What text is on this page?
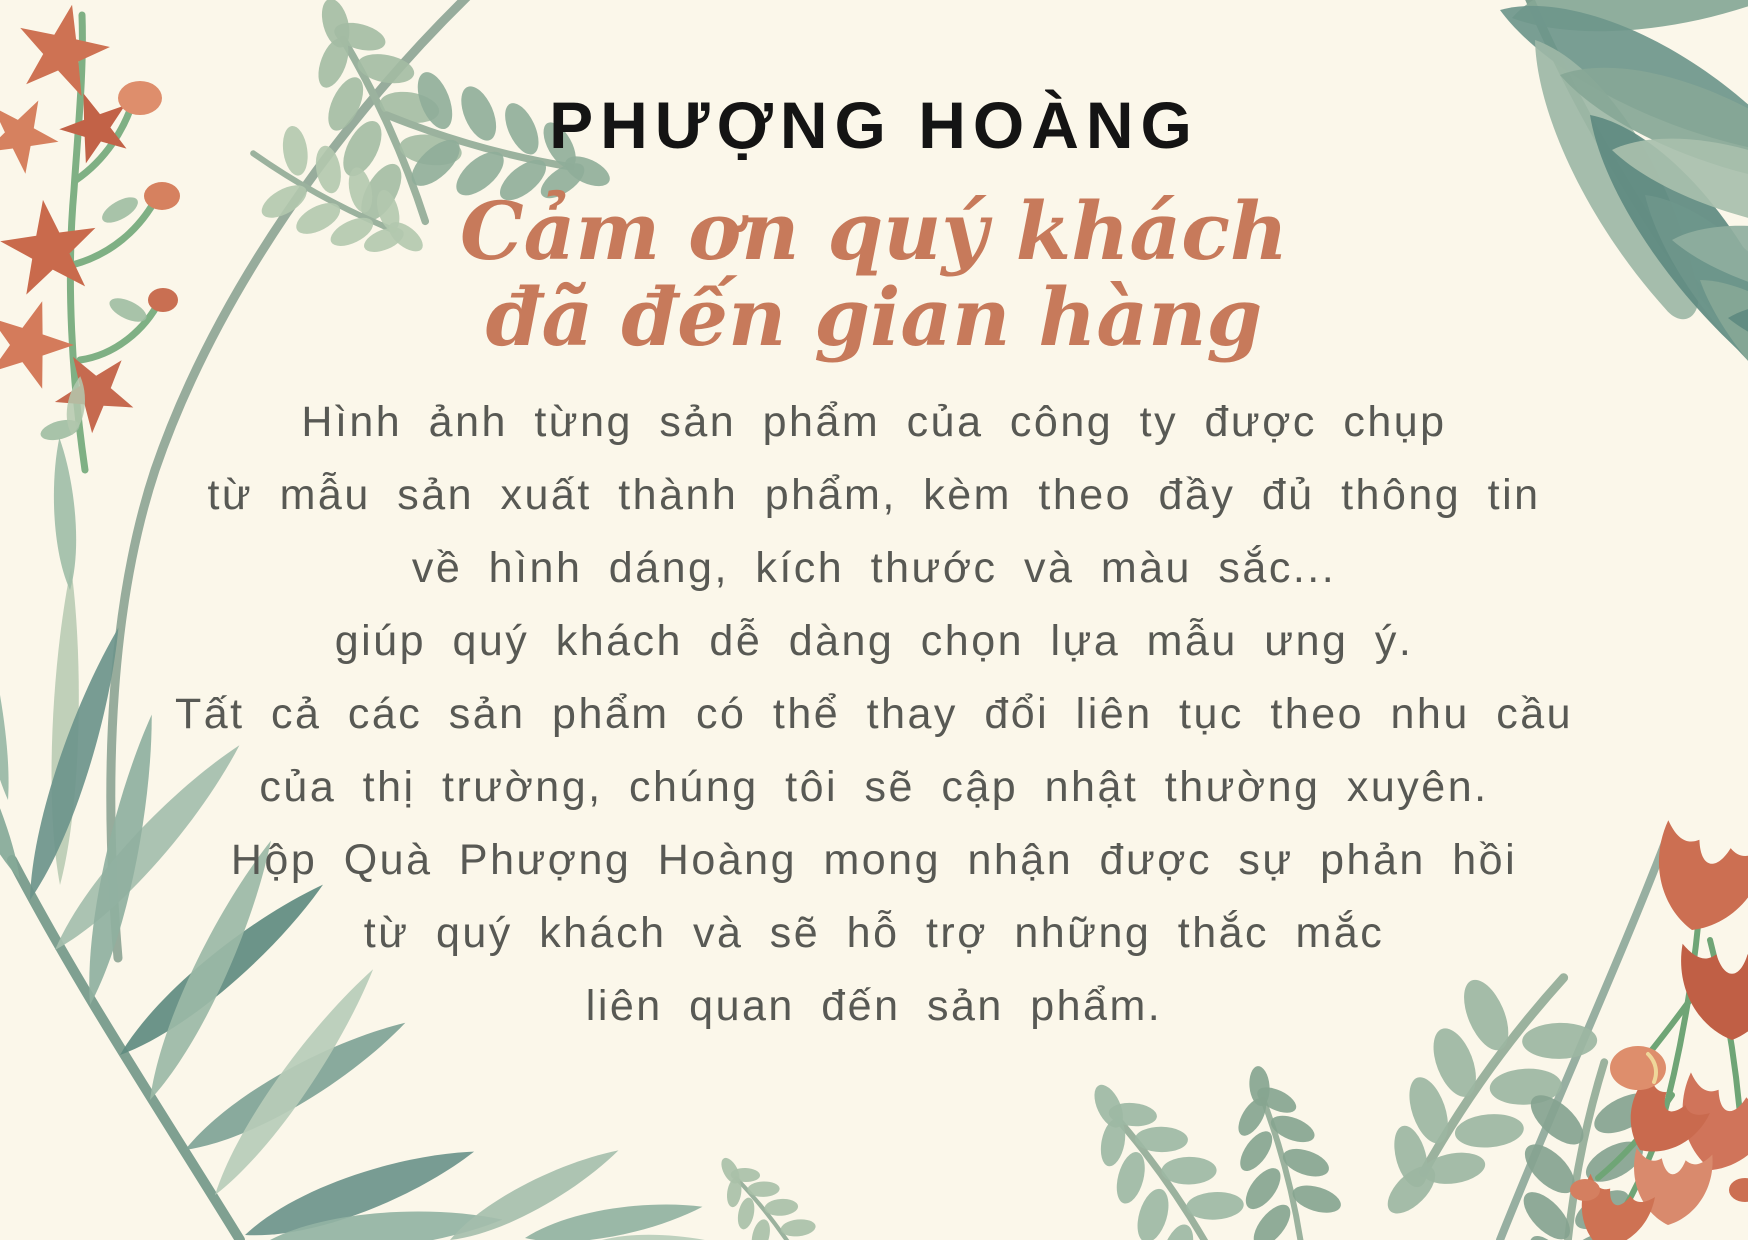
PHƯỢNG HOÀNG

Cảm ơn quý khách

đã đến gian hàng

Hình ảnh từng sản phẩm của công ty được chụp

từ mẫu sản xuất thành phẩm, kèm theo đầy đủ thông tin

về hình dáng, kích thước và màu sắc...

giúp quý khách dễ dàng chọn lựa mẫu ưng ý.

Tất cả các sản phẩm có thể thay đổi liên tục theo nhu cầu

của thị trường, chúng tôi sẽ cập nhật thường xuyên.

Hộp Quà Phượng Hoàng mong nhận được sự phản hồi

từ quý khách và sẽ hỗ trợ những thắc mắc

liên quan đến sản phẩm.
